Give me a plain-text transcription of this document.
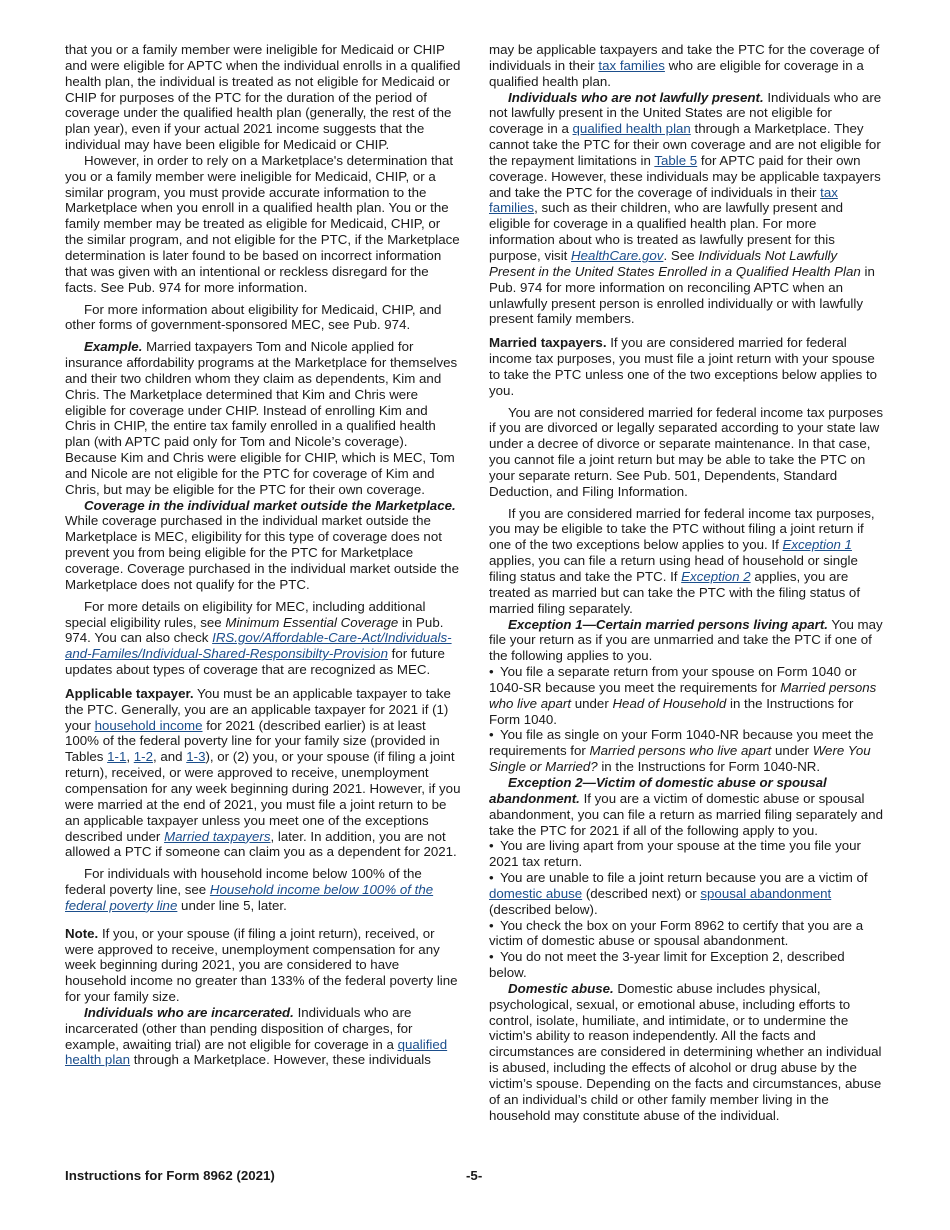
that you or a family member were ineligible for Medicaid or CHIP and were eligible for APTC when the individual enrolls in a qualified health plan, the individual is treated as not eligible for Medicaid or CHIP for purposes of the PTC for the duration of the period of coverage under the qualified health plan (generally, the rest of the plan year), even if your actual 2021 income suggests that the individual may have been eligible for Medicaid or CHIP.

However, in order to rely on a Marketplace's determination that you or a family member were ineligible for Medicaid, CHIP, or a similar program, you must provide accurate information to the Marketplace when you enroll in a qualified health plan. You or the family member may be treated as eligible for Medicaid, CHIP, or the similar program, and not eligible for the PTC, if the Marketplace determination is later found to be based on incorrect information that was given with an intentional or reckless disregard for the facts. See Pub. 974 for more information.

For more information about eligibility for Medicaid, CHIP, and other forms of government-sponsored MEC, see Pub. 974.

Example. Married taxpayers Tom and Nicole applied for insurance affordability programs at the Marketplace for themselves and their two children whom they claim as dependents, Kim and Chris. The Marketplace determined that Kim and Chris were eligible for coverage under CHIP. Instead of enrolling Kim and Chris in CHIP, the entire tax family enrolled in a qualified health plan (with APTC paid only for Tom and Nicole’s coverage). Because Kim and Chris were eligible for CHIP, which is MEC, Tom and Nicole are not eligible for the PTC for coverage of Kim and Chris, but may be eligible for the PTC for their own coverage.

Coverage in the individual market outside the Marketplace. While coverage purchased in the individual market outside the Marketplace is MEC, eligibility for this type of coverage does not prevent you from being eligible for the PTC for Marketplace coverage. Coverage purchased in the individual market outside the Marketplace does not qualify for the PTC.

For more details on eligibility for MEC, including additional special eligibility rules, see Minimum Essential Coverage in Pub. 974. You can also check IRS.gov/Affordable-Care-Act/Individuals-and-Familes/Individual-Shared-Responsibilty-Provision for future updates about types of coverage that are recognized as MEC.

Applicable taxpayer. You must be an applicable taxpayer to take the PTC. Generally, you are an applicable taxpayer for 2021 if (1) your household income for 2021 (described earlier) is at least 100% of the federal poverty line for your family size (provided in Tables 1-1, 1-2, and 1-3), or (2) you, or your spouse (if filing a joint return), received, or were approved to receive, unemployment compensation for any week beginning during 2021. However, if you were married at the end of 2021, you must file a joint return to be an applicable taxpayer unless you meet one of the exceptions described under Married taxpayers, later. In addition, you are not allowed a PTC if someone can claim you as a dependent for 2021.

For individuals with household income below 100% of the federal poverty line, see Household income below 100% of the federal poverty line under line 5, later.

Note. If you, or your spouse (if filing a joint return), received, or were approved to receive, unemployment compensation for any week beginning during 2021, you are considered to have household income no greater than 133% of the federal poverty line for your family size.

Individuals who are incarcerated. Individuals who are incarcerated (other than pending disposition of charges, for example, awaiting trial) are not eligible for coverage in a qualified health plan through a Marketplace. However, these individuals

may be applicable taxpayers and take the PTC for the coverage of individuals in their tax families who are eligible for coverage in a qualified health plan.

Individuals who are not lawfully present. Individuals who are not lawfully present in the United States are not eligible for coverage in a qualified health plan through a Marketplace. They cannot take the PTC for their own coverage and are not eligible for the repayment limitations in Table 5 for APTC paid for their own coverage. However, these individuals may be applicable taxpayers and take the PTC for the coverage of individuals in their tax families, such as their children, who are lawfully present and eligible for coverage in a qualified health plan. For more information about who is treated as lawfully present for this purpose, visit HealthCare.gov. See Individuals Not Lawfully Present in the United States Enrolled in a Qualified Health Plan in Pub. 974 for more information on reconciling APTC when an unlawfully present person is enrolled individually or with lawfully present family members.

Married taxpayers. If you are considered married for federal income tax purposes, you must file a joint return with your spouse to take the PTC unless one of the two exceptions below applies to you.

You are not considered married for federal income tax purposes if you are divorced or legally separated according to your state law under a decree of divorce or separate maintenance. In that case, you cannot file a joint return but may be able to take the PTC on your separate return. See Pub. 501, Dependents, Standard Deduction, and Filing Information.

If you are considered married for federal income tax purposes, you may be eligible to take the PTC without filing a joint return if one of the two exceptions below applies to you. If Exception 1 applies, you can file a return using head of household or single filing status and take the PTC. If Exception 2 applies, you are treated as married but can take the PTC with the filing status of married filing separately.

Exception 1—Certain married persons living apart. You may file your return as if you are unmarried and take the PTC if one of the following applies to you.

• You file a separate return from your spouse on Form 1040 or 1040-SR because you meet the requirements for Married persons who live apart under Head of Household in the Instructions for Form 1040.

• You file as single on your Form 1040-NR because you meet the requirements for Married persons who live apart under Were You Single or Married? in the Instructions for Form 1040-NR.

Exception 2—Victim of domestic abuse or spousal abandonment. If you are a victim of domestic abuse or spousal abandonment, you can file a return as married filing separately and take the PTC for 2021 if all of the following apply to you.

• You are living apart from your spouse at the time you file your 2021 tax return.

• You are unable to file a joint return because you are a victim of domestic abuse (described next) or spousal abandonment (described below).

• You check the box on your Form 8962 to certify that you are a victim of domestic abuse or spousal abandonment.

• You do not meet the 3-year limit for Exception 2, described below.

Domestic abuse. Domestic abuse includes physical, psychological, sexual, or emotional abuse, including efforts to control, isolate, humiliate, and intimidate, or to undermine the victim's ability to reason independently. All the facts and circumstances are considered in determining whether an individual is abused, including the effects of alcohol or drug abuse by the victim’s spouse. Depending on the facts and circumstances, abuse of an individual’s child or other family member living in the household may constitute abuse of the individual.

Instructions for Form 8962 (2021)	-5-
